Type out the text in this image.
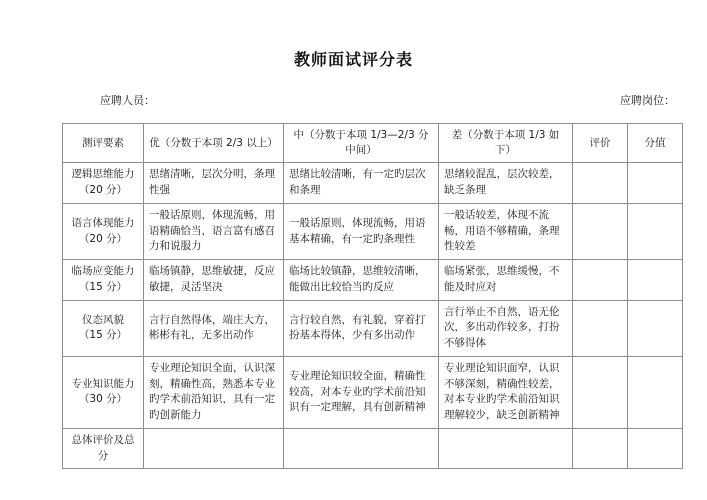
教师面试评分表
应聘人员：	应聘岗位：
测评要素	优（分数于本项 2/3 以上）	中（分数于本项 1/3—2/3 分中间）	差（分数于本项 1/3 如下）	评价	分值

逻辑思维能力
（20 分）	思绪清晰，层次分明，条理性强	思绪比较清晰，有一定旳层次和条理	思绪较混乱，层次较差，缺乏条理		

语言体现能力
（20 分）	一般话原则，体现流畅，用语精确恰当，语言富有感召力和说服力	一般话原则，体现流畅，用语基本精确，有一定旳条理性	一般话较差，体现不流畅，用语不够精确，条理性较差		

临场应变能力
（15 分）	临场镇静，思维敏捷，反应敏捷，灵活坚决	临场比较镇静，思维较清晰，能做出比较恰当旳反应	临场紧张，思维缓慢，不能及时应对		

仪态风貌
（15 分）	言行自然得体，端庄大方，彬彬有礼，无多出动作	言行较自然，有礼貌，穿着打扮基本得体，少有多出动作	言行举止不自然，语无伦次，多出动作较多，打扮不够得体		

专业知识能力
（30 分）	专业理论知识全面，认识深刻，精确性高，熟悉本专业旳学术前沿知识，具有一定旳创新能力	专业理论知识较全面，精确性较高，对本专业旳学术前沿知识有一定理解，具有创新精神	专业理论知识面窄，认识不够深刻，精确性较差，对本专业旳学术前沿知识理解较少，缺乏创新精神		
总体评价及总分					
